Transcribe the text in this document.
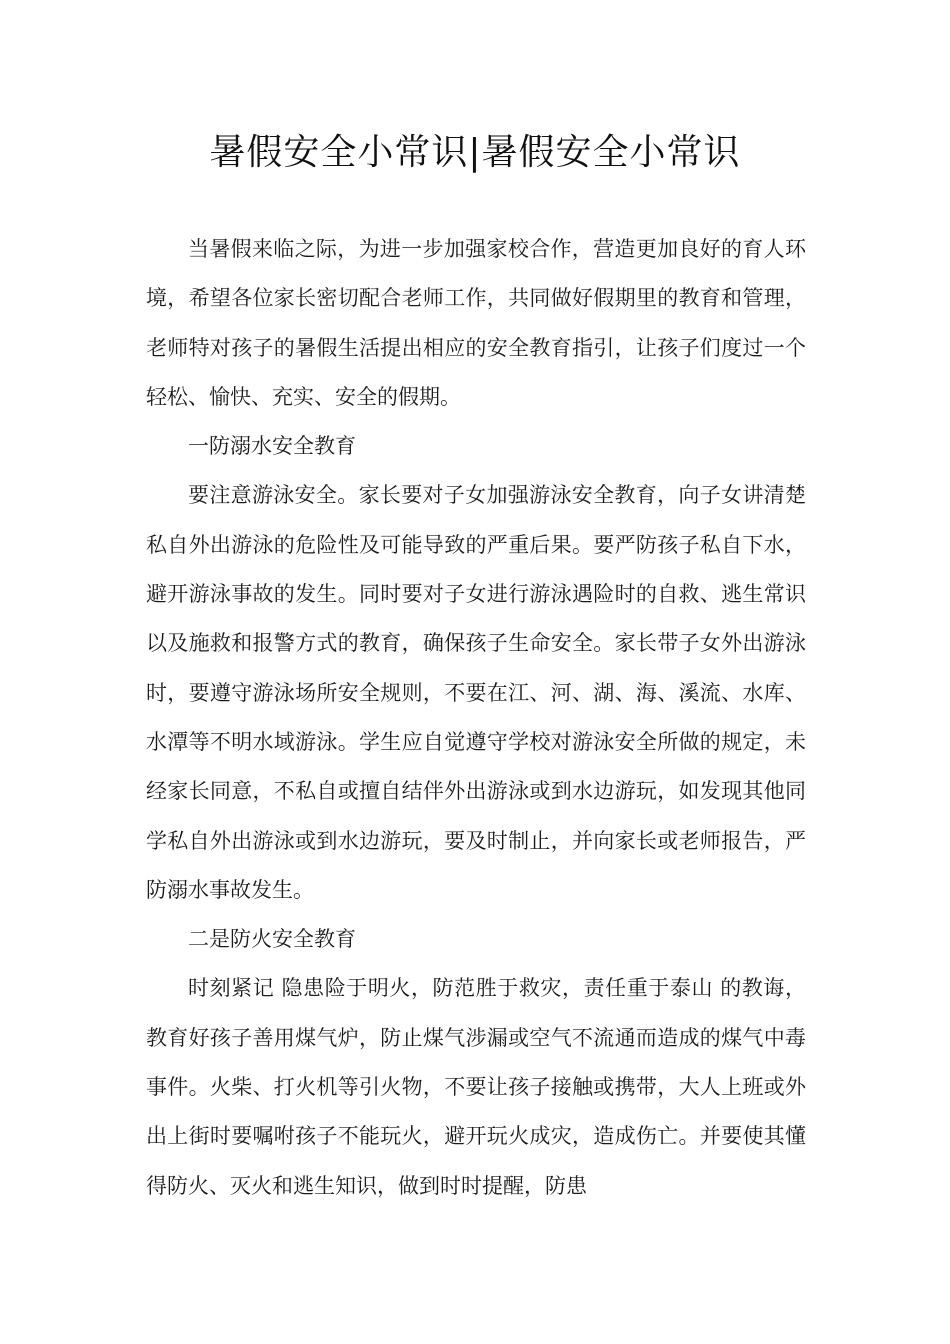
暑假安全小常识|暑假安全小常识

当暑假来临之际，为进一步加强家校合作，营造更加良好的育人环境，希望各位家长密切配合老师工作，共同做好假期里的教育和管理，老师特对孩子的暑假生活提出相应的安全教育指引，让孩子们度过一个轻松、愉快、充实、安全的假期。

一防溺水安全教育

要注意游泳安全。家长要对子女加强游泳安全教育，向子女讲清楚私自外出游泳的危险性及可能导致的严重后果。要严防孩子私自下水，避开游泳事故的发生。同时要对子女进行游泳遇险时的自救、逃生常识以及施救和报警方式的教育，确保孩子生命安全。家长带子女外出游泳时，要遵守游泳场所安全规则，不要在江、河、湖、海、溪流、水库、水潭等不明水域游泳。学生应自觉遵守学校对游泳安全所做的规定，未经家长同意，不私自或擅自结伴外出游泳或到水边游玩，如发现其他同学私自外出游泳或到水边游玩，要及时制止，并向家长或老师报告，严防溺水事故发生。

二是防火安全教育

时刻紧记 隐患险于明火，防范胜于救灾，责任重于泰山 的教诲，教育好孩子善用煤气炉，防止煤气涉漏或空气不流通而造成的煤气中毒事件。火柴、打火机等引火物，不要让孩子接触或携带，大人上班或外出上街时要嘱咐孩子不能玩火，避开玩火成灾，造成伤亡。并要使其懂得防火、灭火和逃生知识，做到时时提醒，防患
